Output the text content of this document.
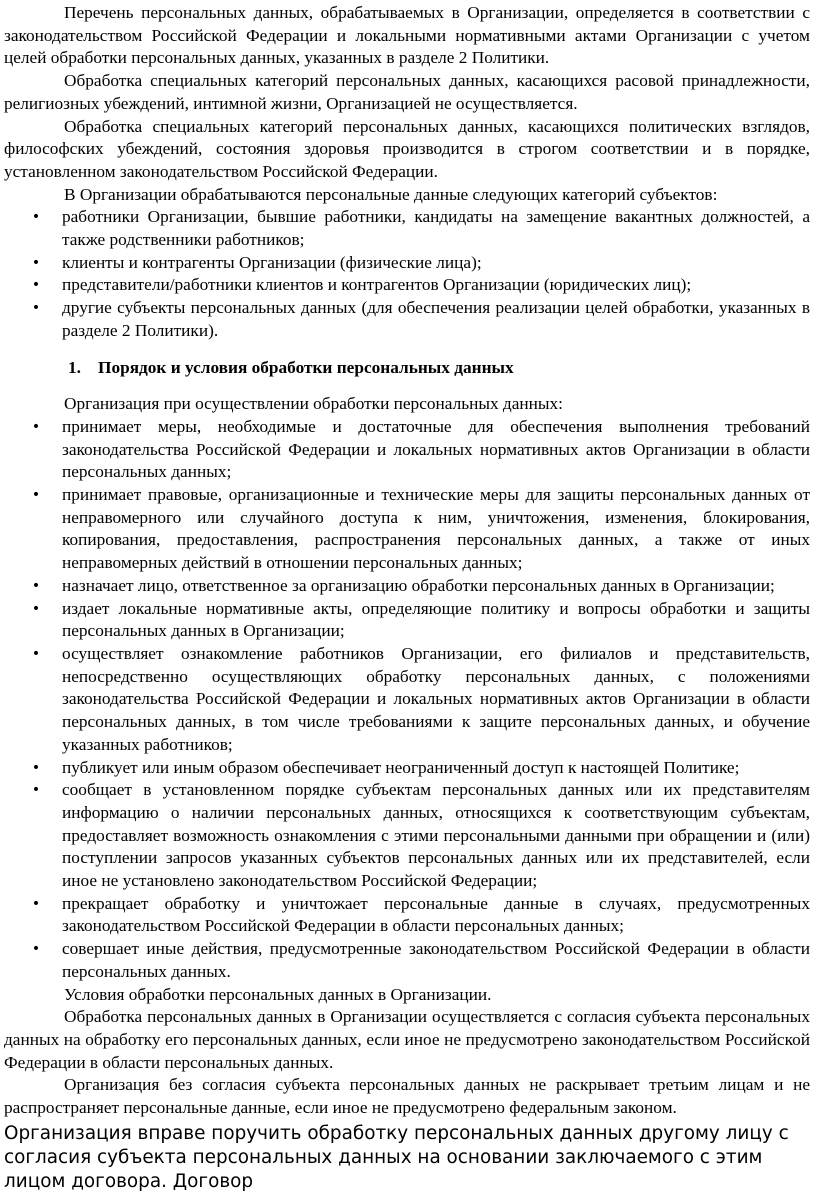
Перечень персональных данных, обрабатываемых в Организации, определяется в соответствии с законодательством Российской Федерации и локальными нормативными актами Организации с учетом целей обработки персональных данных, указанных в разделе 2 Политики.

Обработка специальных категорий персональных данных, касающихся расовой принадлежности, религиозных убеждений, интимной жизни, Организацией не осуществляется.

Обработка специальных категорий персональных данных, касающихся политических взглядов, философских убеждений, состояния здоровья производится в строгом соответствии и в порядке, установленном законодательством Российской Федерации.

В Организации обрабатываются персональные данные следующих категорий субъектов:

• работники Организации, бывшие работники, кандидаты на замещение вакантных должностей, а также родственники работников;
• клиенты и контрагенты Организации (физические лица);
• представители/работники клиентов и контрагентов Организации (юридических лиц);
• другие субъекты персональных данных (для обеспечения реализации целей обработки, указанных в разделе 2 Политики).

1. Порядок и условия обработки персональных данных

Организация при осуществлении обработки персональных данных:

• принимает меры, необходимые и достаточные для обеспечения выполнения требований законодательства Российской Федерации и локальных нормативных актов Организации в области персональных данных;
• принимает правовые, организационные и технические меры для защиты персональных данных от неправомерного или случайного доступа к ним, уничтожения, изменения, блокирования, копирования, предоставления, распространения персональных данных, а также от иных неправомерных действий в отношении персональных данных;
• назначает лицо, ответственное за организацию обработки персональных данных в Организации;
• издает локальные нормативные акты, определяющие политику и вопросы обработки и защиты персональных данных в Организации;
• осуществляет ознакомление работников Организации, его филиалов и представительств, непосредственно осуществляющих обработку персональных данных, с положениями законодательства Российской Федерации и локальных нормативных актов Организации в области персональных данных, в том числе требованиями к защите персональных данных, и обучение указанных работников;
• публикует или иным образом обеспечивает неограниченный доступ к настоящей Политике;
• сообщает в установленном порядке субъектам персональных данных или их представителям информацию о наличии персональных данных, относящихся к соответствующим субъектам, предоставляет возможность ознакомления с этими персональными данными при обращении и (или) поступлении запросов указанных субъектов персональных данных или их представителей, если иное не установлено законодательством Российской Федерации;
• прекращает обработку и уничтожает персональные данные в случаях, предусмотренных законодательством Российской Федерации в области персональных данных;
• совершает иные действия, предусмотренные законодательством Российской Федерации в области персональных данных.

Условия обработки персональных данных в Организации.

Обработка персональных данных в Организации осуществляется с согласия субъекта персональных данных на обработку его персональных данных, если иное не предусмотрено законодательством Российской Федерации в области персональных данных.

Организация без согласия субъекта персональных данных не раскрывает третьим лицам и не распространяет персональные данные, если иное не предусмотрено федеральным законом.

Организация вправе поручить обработку персональных данных другому лицу с согласия субъекта персональных данных на основании заключаемого с этим лицом договора. Договор
